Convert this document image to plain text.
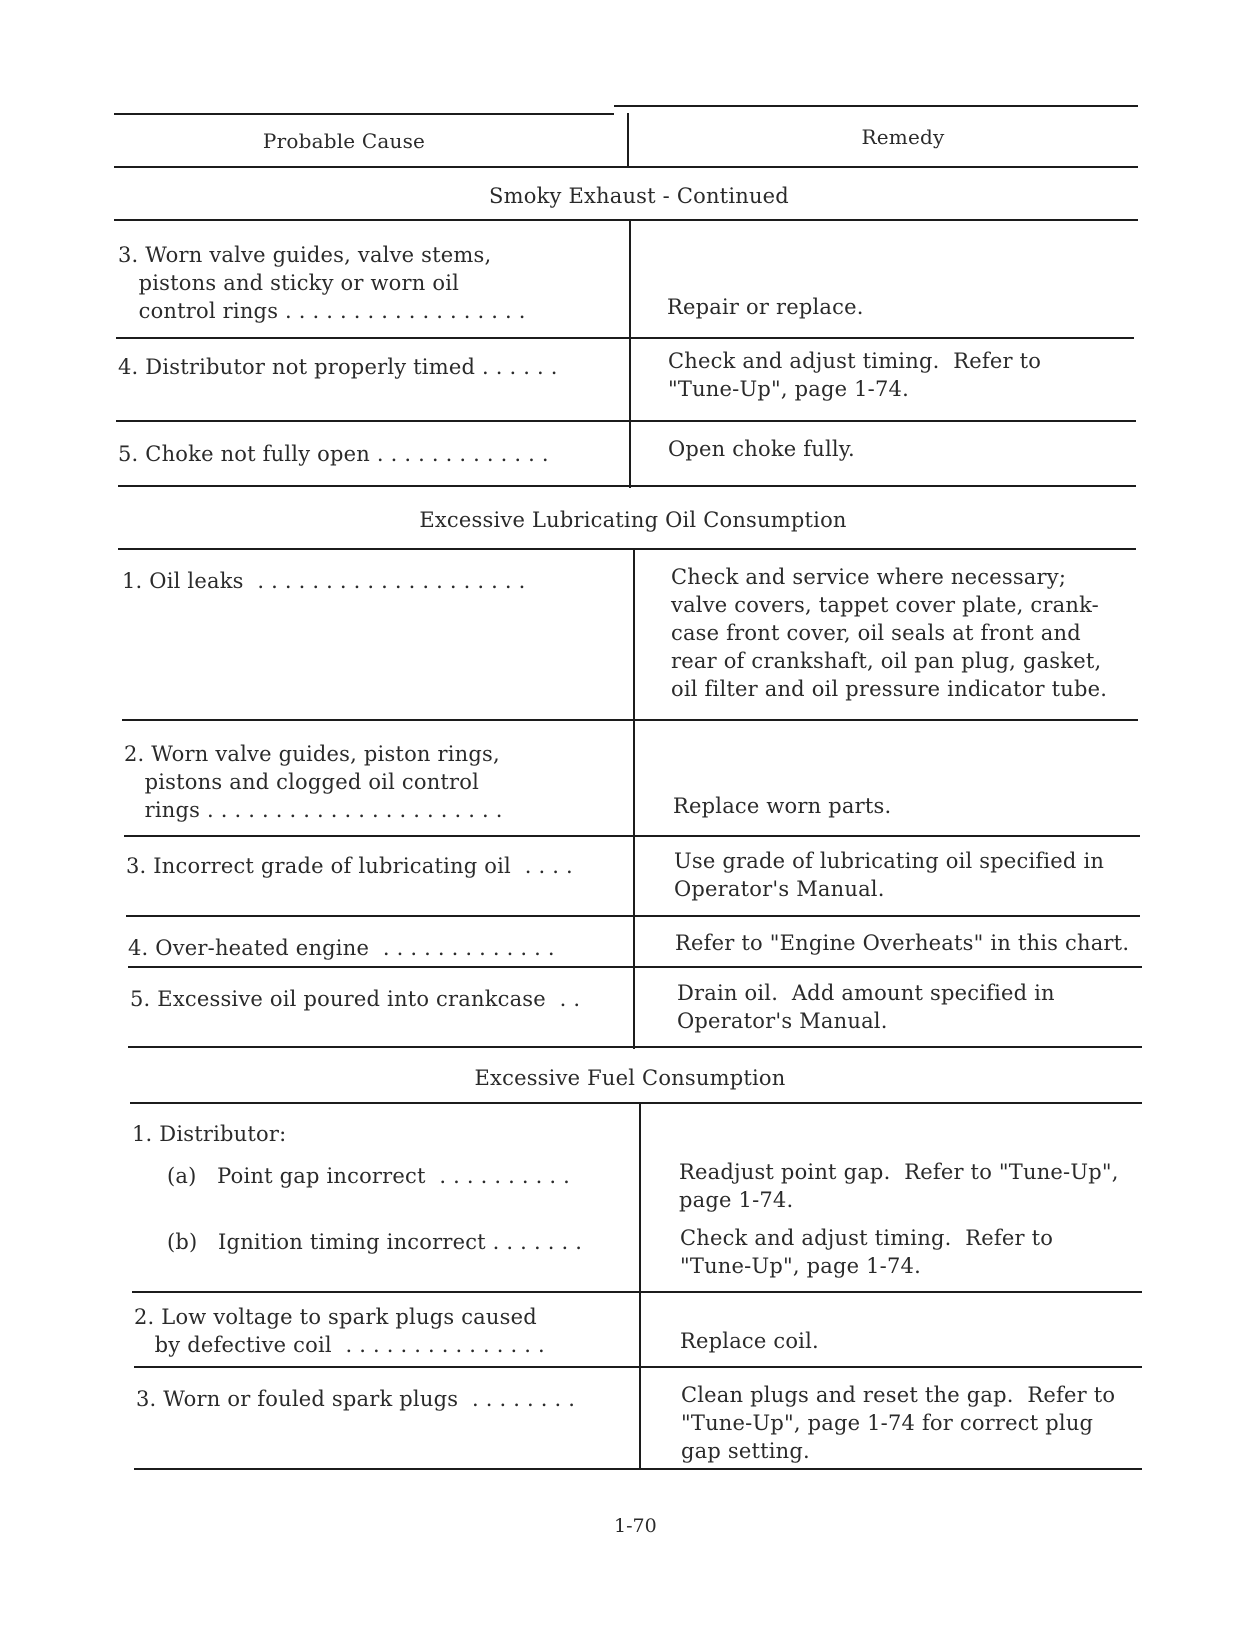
Probable Cause	Remedy
Smoky Exhaust - Continued
3. Worn valve guides, valve stems,
pistons and sticky or worn oil
control rings . . . . . . . . . . . . . . . . . .	Repair or replace.
4. Distributor not properly timed . . . . . .	Check and adjust timing.  Refer to
"Tune-Up", page 1-74.
5. Choke not fully open . . . . . . . . . . . . .	Open choke fully.
Excessive Lubricating Oil Consumption
1. Oil leaks  . . . . . . . . . . . . . . . . . . . .	Check and service where necessary;
valve covers, tappet cover plate, crank-
case front cover, oil seals at front and
rear of crankshaft, oil pan plug, gasket,
oil filter and oil pressure indicator tube.
2. Worn valve guides, piston rings,
pistons and clogged oil control
rings . . . . . . . . . . . . . . . . . . . . . .	Replace worn parts.
3. Incorrect grade of lubricating oil  . . . .	Use grade of lubricating oil specified in
Operator's Manual.
4. Over-heated engine  . . . . . . . . . . . . .	Refer to "Engine Overheats" in this chart.
5. Excessive oil poured into crankcase  . .	Drain oil.  Add amount specified in
Operator's Manual.
Excessive Fuel Consumption
1. Distributor:
(a)   Point gap incorrect  . . . . . . . . . .	Readjust point gap.  Refer to "Tune-Up",
page 1-74.
(b)   Ignition timing incorrect . . . . . . .	Check and adjust timing.  Refer to
"Tune-Up", page 1-74.
2. Low voltage to spark plugs caused
by defective coil  . . . . . . . . . . . . . . .	Replace coil.
3. Worn or fouled spark plugs  . . . . . . . .	Clean plugs and reset the gap.  Refer to
"Tune-Up", page 1-74 for correct plug
gap setting.
1-70
